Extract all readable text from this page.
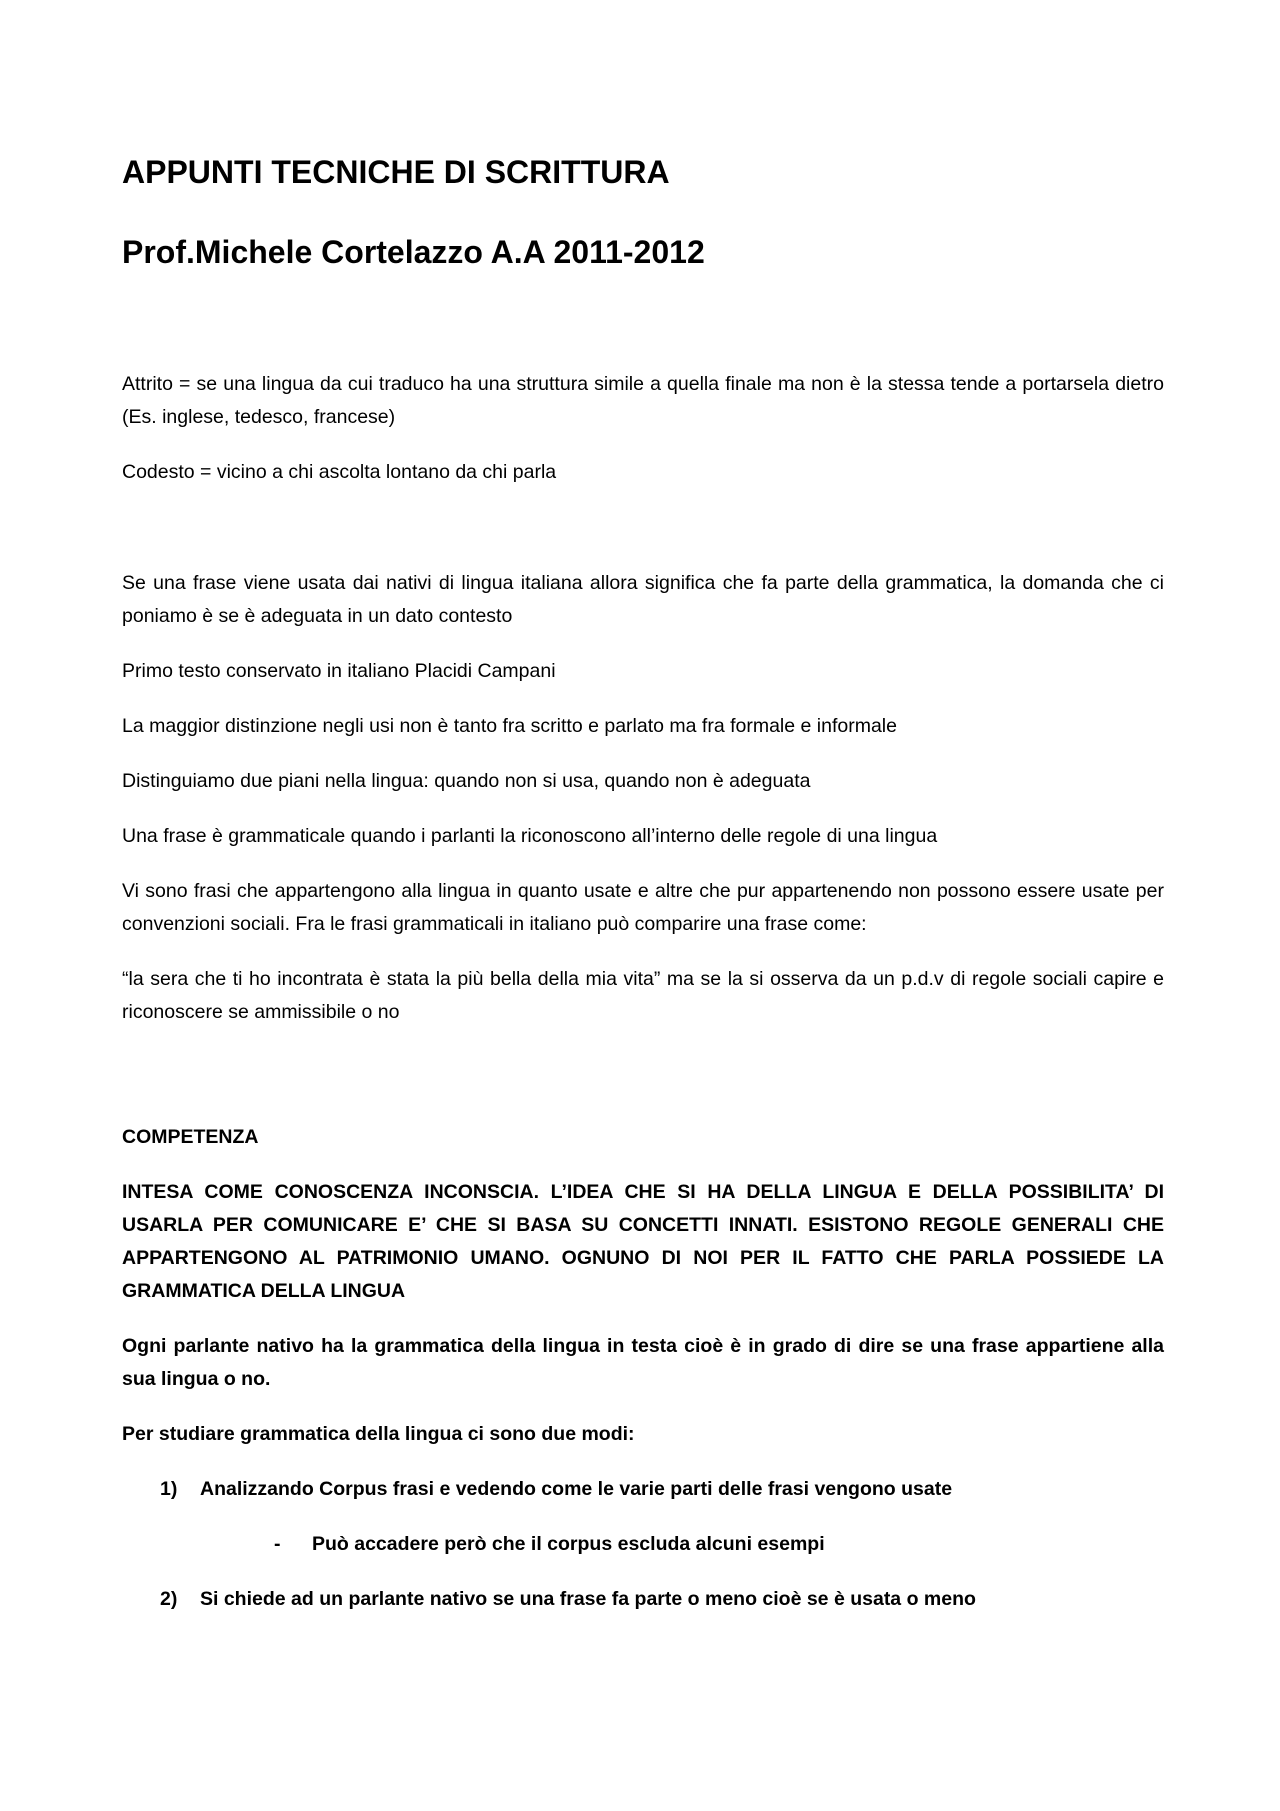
APPUNTI TECNICHE DI SCRITTURA
Prof.Michele Cortelazzo A.A 2011-2012

Attrito = se una lingua da cui traduco ha una struttura simile a quella finale ma non è la stessa tende a portarsela dietro (Es. inglese, tedesco, francese)

Codesto = vicino a chi ascolta lontano da chi parla

Se una frase viene usata dai nativi di lingua italiana allora significa che fa parte della grammatica, la domanda che ci poniamo è se è adeguata in un dato contesto

Primo testo conservato in italiano Placidi Campani

La maggior distinzione negli usi non è tanto fra scritto e parlato ma fra formale e informale

Distinguiamo due piani nella lingua: quando non si usa, quando non è adeguata

Una frase è grammaticale quando i parlanti la riconoscono all’interno delle regole di una lingua

Vi sono frasi che appartengono alla lingua in quanto usate e altre che pur appartenendo non possono essere usate per convenzioni sociali. Fra le frasi grammaticali in italiano può comparire una frase come:

“la sera che ti ho incontrata è stata la più bella della mia vita” ma se la si osserva da un p.d.v di regole sociali capire e riconoscere se ammissibile o no

COMPETENZA

INTESA COME CONOSCENZA INCONSCIA. L’IDEA CHE SI HA DELLA LINGUA E DELLA POSSIBILITA’ DI USARLA PER COMUNICARE E’ CHE SI BASA SU CONCETTI INNATI. ESISTONO REGOLE GENERALI CHE APPARTENGONO AL PATRIMONIO UMANO. OGNUNO DI NOI PER IL FATTO CHE PARLA POSSIEDE LA GRAMMATICA DELLA LINGUA

Ogni parlante nativo ha la grammatica della lingua in testa cioè è in grado di dire se una frase appartiene alla sua lingua o no.

Per studiare grammatica della lingua ci sono due modi:

1)	Analizzando Corpus frasi e vedendo come le varie parti delle frasi vengono usate
-	Può accadere però che il corpus escluda alcuni esempi
2)	Si chiede ad un parlante nativo se una frase fa parte o meno cioè se è usata o meno
